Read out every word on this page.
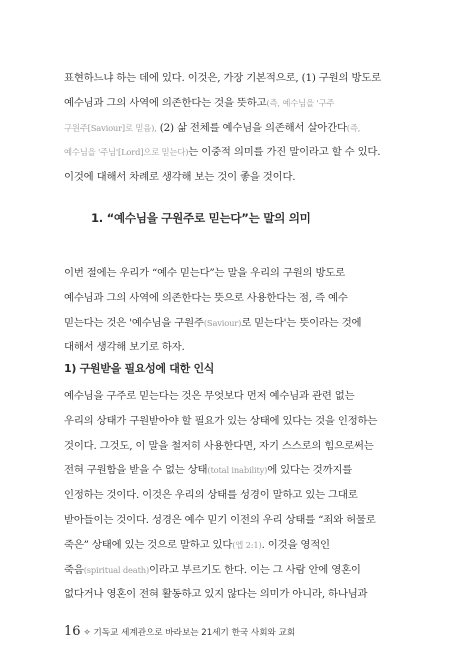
표현하느냐 하는 데에 있다. 이것은, 가장 기본적으로, (1) 구원의 방도로
예수님과 그의 사역에 의존한다는 것을 뜻하고(즉, 예수님을 '구주
구원주[Saviour]로 믿음), (2) 삶 전체를 예수님을 의존해서 살아간다(즉,
예수님을 '주님'[Lord]으로 믿는다)는 이중적 의미를 가진 말이라고 할 수 있다.
이것에 대해서 차례로 생각해 보는 것이 좋을 것이다.
1. “예수님을 구원주로 믿는다”는 말의 의미
이번 절에는 우리가 “예수 믿는다”는 말을 우리의 구원의 방도로
예수님과 그의 사역에 의존한다는 뜻으로 사용한다는 점, 즉 예수
믿는다는 것은 '예수님을 구원주(Saviour)로 믿는다'는 뜻이라는 것에
대해서 생각해 보기로 하자.
1) 구원받을 필요성에 대한 인식
예수님을 구주로 믿는다는 것은 무엇보다 먼저 예수님과 관련 없는
우리의 상태가 구원받아야 할 필요가 있는 상태에 있다는 것을 인정하는
것이다. 그것도, 이 말을 철저히 사용한다면, 자기 스스로의 힘으로써는
전혀 구원함을 받을 수 없는 상태(total inability)에 있다는 것까지를
인정하는 것이다. 이것은 우리의 상태를 성경이 말하고 있는 그대로
받아들이는 것이다. 성경은 예수 믿기 이전의 우리 상태를 “죄와 허물로
죽은” 상태에 있는 것으로 말하고 있다(엡 2:1). 이것을 영적인
죽음(spiritual death)이라고 부르기도 한다. 이는 그 사람 안에 영혼이
없다거나 영혼이 전혀 활동하고 있지 않다는 의미가 아니라, 하나님과
16 ✧ 기독교 세계관으로 바라보는 21세기 한국 사회와 교회
